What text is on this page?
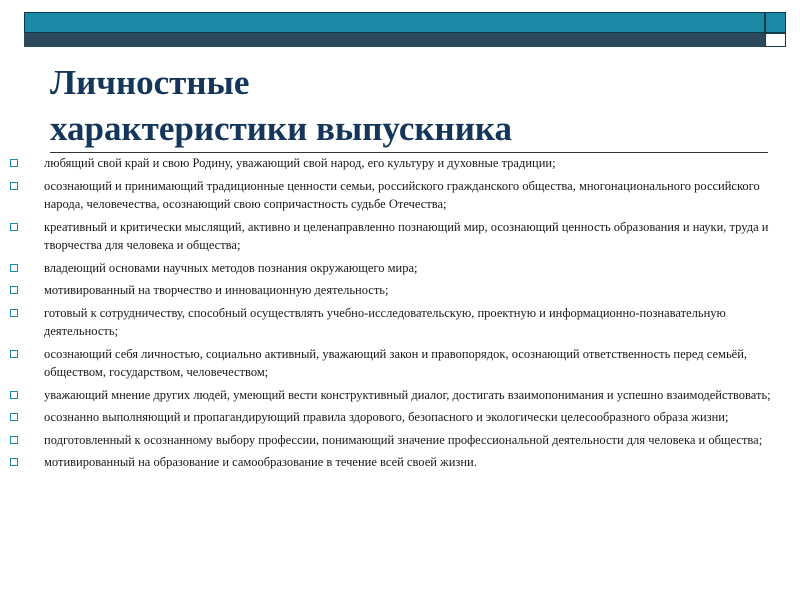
Личностные
характеристики выпускника
любящий свой край и свою Родину, уважающий свой народ, его культуру и духовные традиции;
осознающий и принимающий традиционные ценности семьи, российского гражданского общества, многонационального российского народа, человечества, осознающий свою сопричастность судьбе Отечества;
креативный и критически мыслящий, активно и целенаправленно познающий мир, осознающий ценность образования и науки, труда и творчества для человека и общества;
владеющий основами научных методов познания окружающего мира;
мотивированный на творчество и инновационную деятельность;
готовый к сотрудничеству, способный осуществлять учебно-исследовательскую, проектную и информационно-познавательную деятельность;
осознающий себя личностью, социально активный, уважающий закон и правопорядок, осознающий ответственность перед семьёй, обществом, государством, человечеством;
уважающий мнение других людей, умеющий вести конструктивный диалог, достигать взаимопонимания и успешно взаимодействовать;
осознанно выполняющий и пропагандирующий правила здорового, безопасного и экологически целесообразного образа жизни;
подготовленный к осознанному выбору профессии, понимающий значение профессиональной деятельности для человека и общества;
мотивированный на образование и самообразование в течение всей своей жизни.
